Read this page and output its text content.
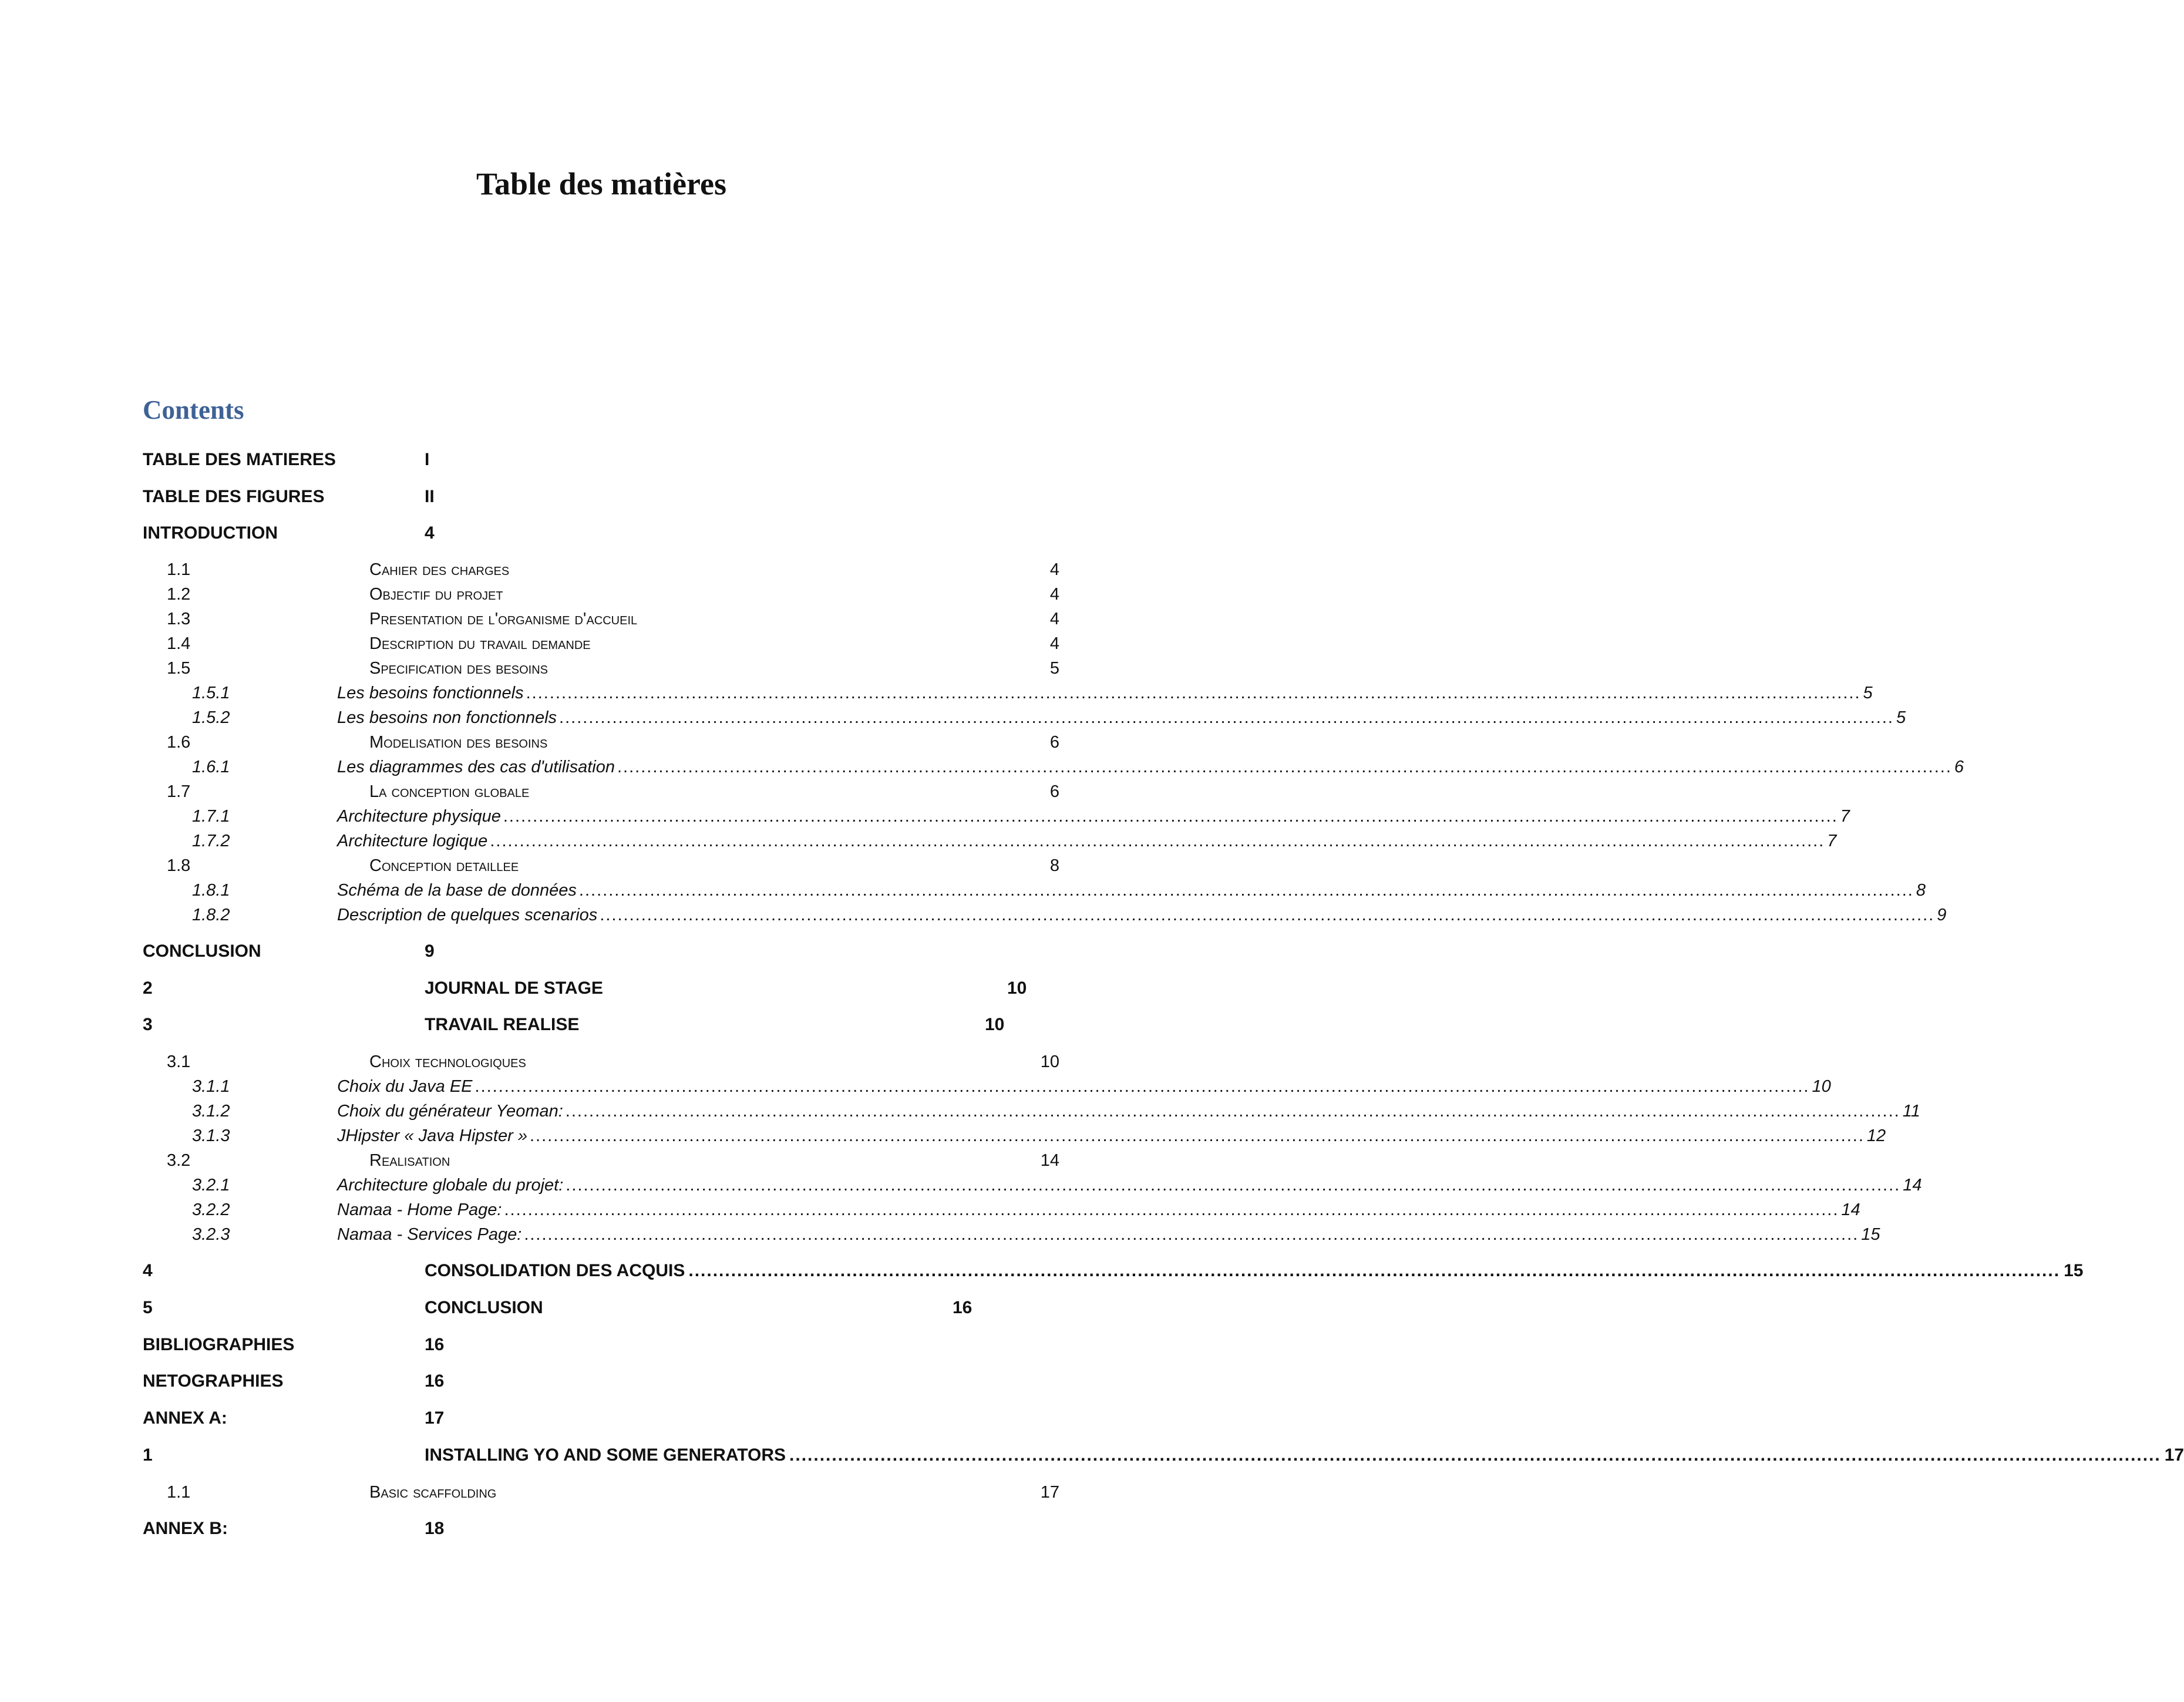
Table des matières
Contents
TABLE DES MATIERES	I
TABLE DES FIGURES	II
INTRODUCTION	4
1.1	Cahier des charges	4
1.2	Objectif du projet	4
1.3	Presentation de l'organisme d'accueil	4
1.4	Description du travail demande	4
1.5	Specification des besoins	5
1.5.1	Les besoins fonctionnels .................................................................................................................................................................................................................................. 5
1.5.2	Les besoins non fonctionnels .................................................................................................................................................................................................................................. 5
1.6	Modelisation des besoins	6
1.6.1	Les diagrammes des cas d'utilisation .................................................................................................................................................................................................................................. 6
1.7	La conception globale	6
1.7.1	Architecture physique .................................................................................................................................................................................................................................. 7
1.7.2	Architecture logique .................................................................................................................................................................................................................................. 7
1.8	Conception detaillee	8
1.8.1	Schéma de la base de données .................................................................................................................................................................................................................................. 8
1.8.2	Description de quelques scenarios .................................................................................................................................................................................................................................. 9
CONCLUSION	9
2	JOURNAL DE STAGE	10
3	TRAVAIL REALISE	10
3.1	Choix technologiques	10
3.1.1	Choix du Java EE .................................................................................................................................................................................................................................. 10
3.1.2	Choix du générateur Yeoman: .................................................................................................................................................................................................................................. 11
3.1.3	JHipster « Java Hipster » .................................................................................................................................................................................................................................. 12
3.2	Realisation	14
3.2.1	Architecture globale du projet: .................................................................................................................................................................................................................................. 14
3.2.2	Namaa - Home Page: .................................................................................................................................................................................................................................. 14
3.2.3	Namaa - Services Page: .................................................................................................................................................................................................................................. 15
4	CONSOLIDATION DES ACQUIS .................................................................................................................................................................................................................................. 15
5	CONCLUSION	16
BIBLIOGRAPHIES	16
NETOGRAPHIES	16
ANNEX A:	17
1	INSTALLING YO AND SOME GENERATORS .................................................................................................................................................................................................................................. 17
1.1	Basic scaffolding	17
ANNEX B:	18
